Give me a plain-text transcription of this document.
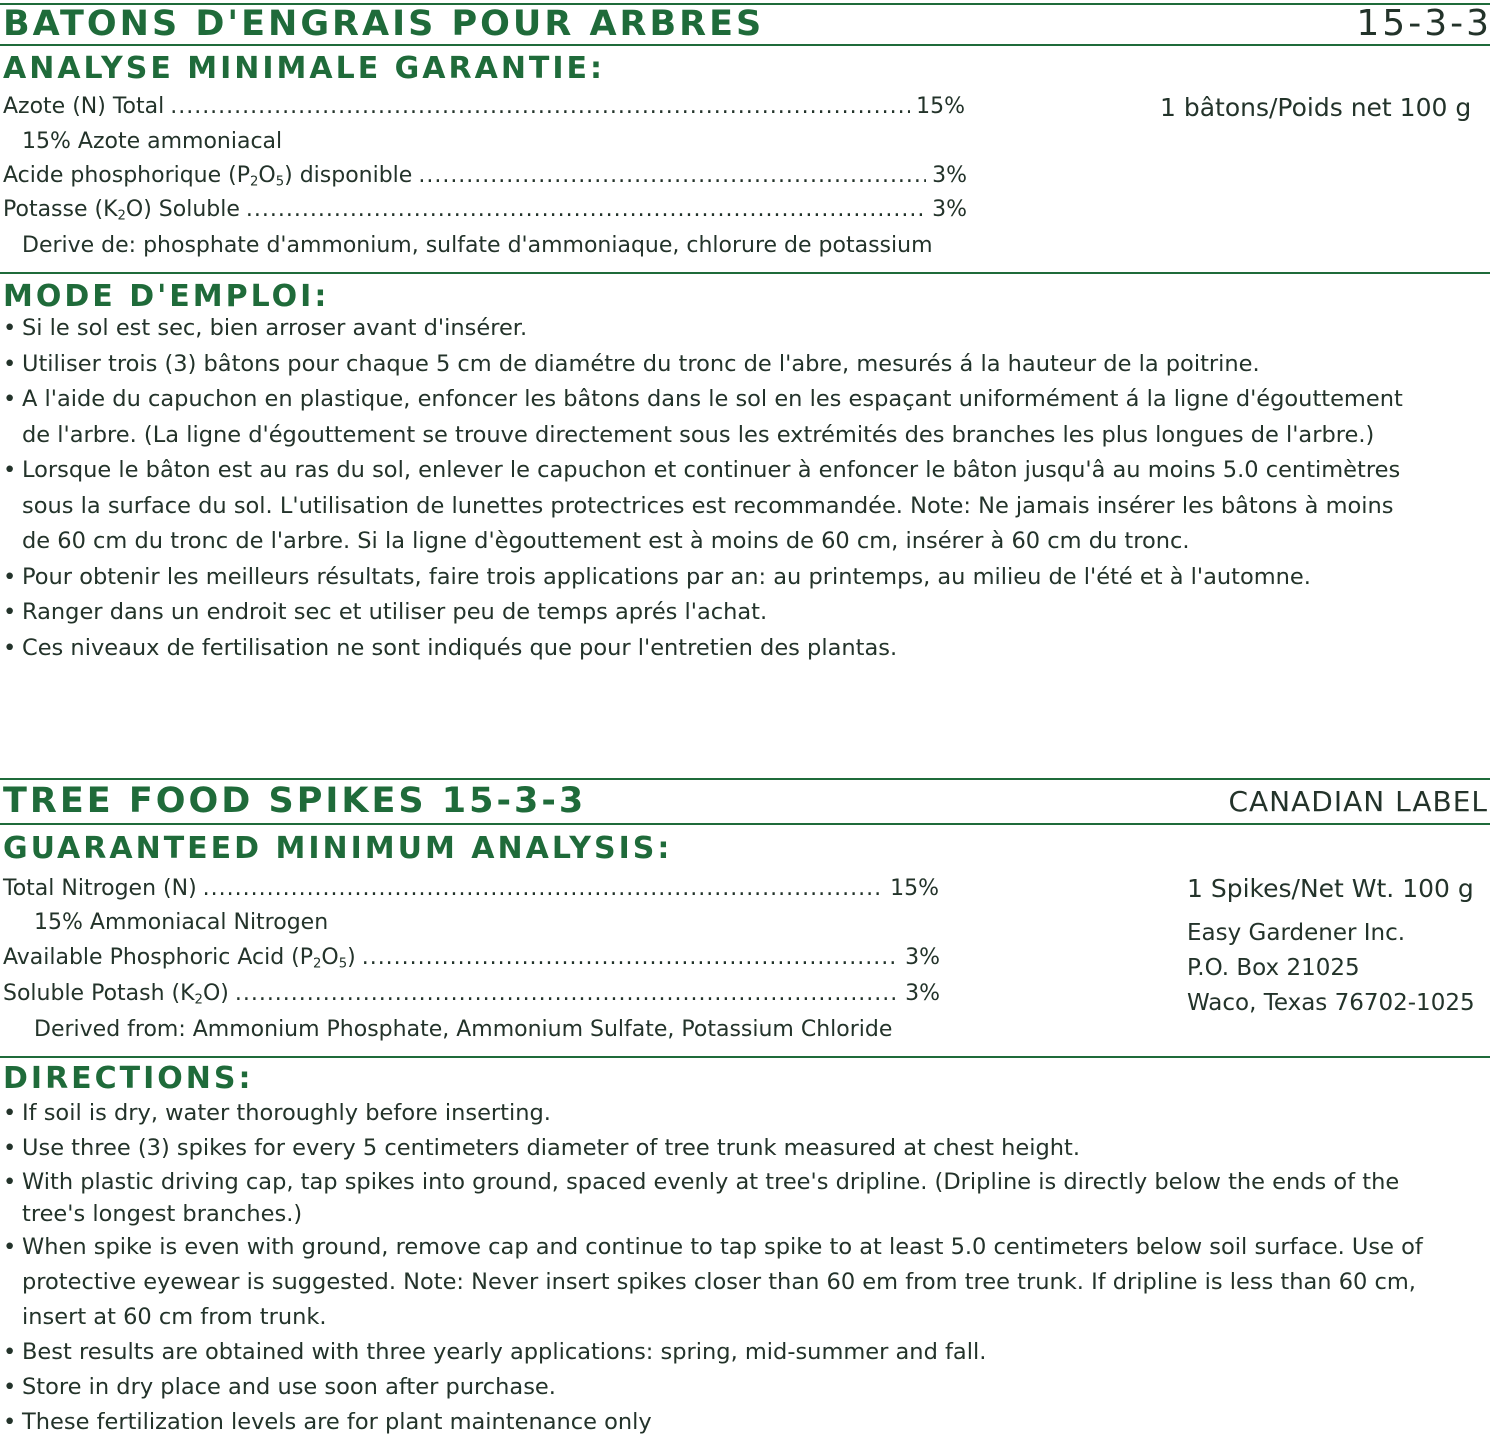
BATONS D'ENGRAIS POUR ARBRES	15-3-3
ANALYSE MINIMALE GARANTIE:
Azote (N) Total .....	15%	1 bâtons/Poids net 100 g
15% Azote ammoniacal
Acide phosphorique $(P_2O_5)$ disponible .....	3%
Potasse $(K_2O)$ Soluble .....	3%
Derive de: phosphate d'ammonium, sulfate d'ammoniaque, chlorure de potassium
MODE D'EMPLOI:
• Si le sol est sec, bien arroser avant d'insérer.
• Utiliser trois (3) bâtons pour chaque 5 cm de diamétre du tronc de l'abre, mesurés á la hauteur de la poitrine.
• A l'aide du capuchon en plastique, enfoncer les bâtons dans le sol en les espaçant uniformément á la ligne d'égouttement de l'arbre. (La ligne d'égouttement se trouve directement sous les extrémités des branches les plus longues de l'arbre.)
• Lorsque le bâton est au ras du sol, enlever le capuchon et continuer à enfoncer le bâton jusqu'â au moins 5.0 centimètres sous la surface du sol. L'utilisation de lunettes protectrices est recommandée. Note: Ne jamais insérer les bâtons à moins de 60 cm du tronc de l'arbre. Si la ligne d'ègouttement est à moins de 60 cm, insérer à 60 cm du tronc.
• Pour obtenir les meilleurs résultats, faire trois applications par an: au printemps, au milieu de l'été et à l'automne.
• Ranger dans un endroit sec et utiliser peu de temps aprés l'achat.
• Ces niveaux de fertilisation ne sont indiqués que pour l'entretien des plantas.
TREE FOOD SPIKES 15-3-3	CANADIAN LABEL
GUARANTEED MINIMUM ANALYSIS:
Total Nitrogen (N) .....	15%	1 Spikes/Net Wt. 100 g
15% Ammoniacal Nitrogen
Available Phosphoric Acid $(P_2O_5)$ .....	3%
Soluble Potash $(K_2O)$ .....	3%
Derived from: Ammonium Phosphate, Ammonium Sulfate, Potassium Chloride
Easy Gardener Inc.
P.O. Box 21025
Waco, Texas 76702-1025
DIRECTIONS:
• If soil is dry, water thoroughly before inserting.
• Use three (3) spikes for every 5 centimeters diameter of tree trunk measured at chest height.
• With plastic driving cap, tap spikes into ground, spaced evenly at tree's dripline. (Dripline is directly below the ends of the tree's longest branches.)
• When spike is even with ground, remove cap and continue to tap spike to at least 5.0 centimeters below soil surface. Use of protective eyewear is suggested. Note: Never insert spikes closer than 60 em from tree trunk. If dripline is less than 60 cm, insert at 60 cm from trunk.
• Best results are obtained with three yearly applications: spring, mid-summer and fall.
• Store in dry place and use soon after purchase.
• These fertilization levels are for plant maintenance only
